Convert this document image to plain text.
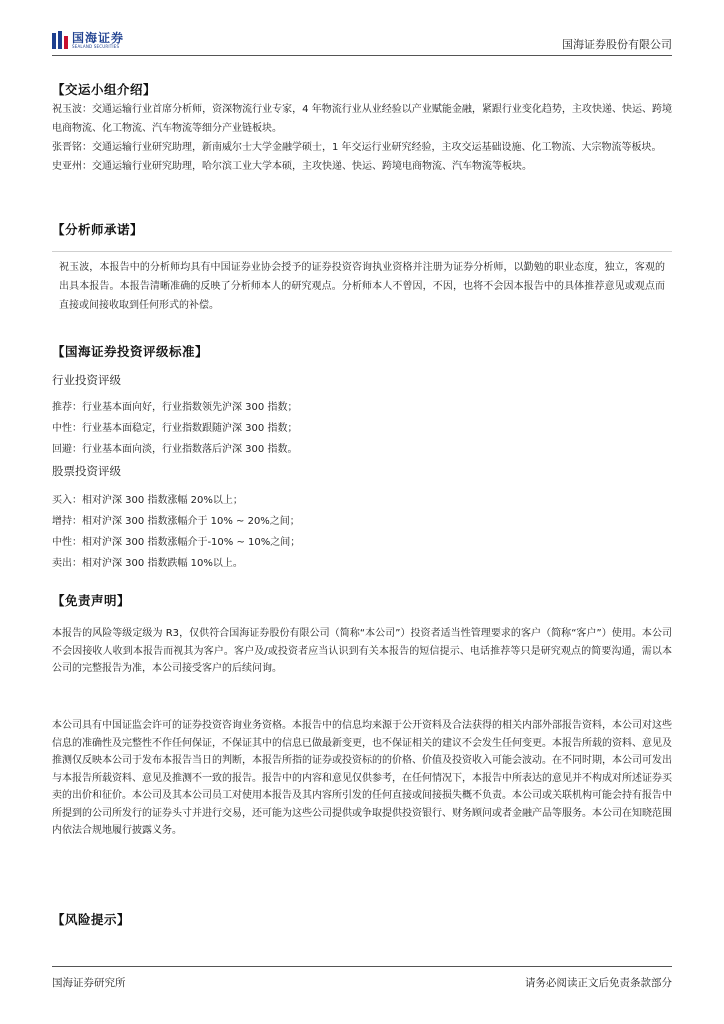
国海证券
SEALAND SECURITIES	国海证券股份有限公司
【交运小组介绍】

祝玉波：交通运输行业首席分析师，资深物流行业专家，4 年物流行业从业经验以产业赋能金融，紧跟行业变化趋势，主攻快递、快运、跨境电商物流、化工物流、汽车物流等细分产业链板块。

张晋铭：交通运输行业研究助理，新南威尔士大学金融学硕士，1 年交运行业研究经验，主攻交运基础设施、化工物流、大宗物流等板块。

史亚州：交通运输行业研究助理，哈尔滨工业大学本硕，主攻快递、快运、跨境电商物流、汽车物流等板块。

【分析师承诺】

祝玉波，本报告中的分析师均具有中国证券业协会授予的证券投资咨询执业资格并注册为证券分析师，以勤勉的职业态度，独立，客观的出具本报告。本报告清晰准确的反映了分析师本人的研究观点。分析师本人不曾因，不因，也将不会因本报告中的具体推荐意见或观点而直接或间接收取到任何形式的补偿。

【国海证券投资评级标准】
行业投资评级
推荐：行业基本面向好，行业指数领先沪深 300 指数；
中性：行业基本面稳定，行业指数跟随沪深 300 指数；
回避：行业基本面向淡，行业指数落后沪深 300 指数。
股票投资评级
买入：相对沪深 300 指数涨幅 20%以上；
增持：相对沪深 300 指数涨幅介于 10% ~ 20%之间；
中性：相对沪深 300 指数涨幅介于-10% ~ 10%之间；
卖出：相对沪深 300 指数跌幅 10%以上。
【免责声明】

本报告的风险等级定级为 R3，仅供符合国海证券股份有限公司（简称“本公司”）投资者适当性管理要求的客户（简称“客户”）使用。本公司不会因接收人收到本报告而视其为客户。客户及/或投资者应当认识到有关本报告的短信提示、电话推荐等只是研究观点的简要沟通，需以本公司的完整报告为准，本公司接受客户的后续问询。

本公司具有中国证监会许可的证券投资咨询业务资格。本报告中的信息均来源于公开资料及合法获得的相关内部外部报告资料，本公司对这些信息的准确性及完整性不作任何保证，不保证其中的信息已做最新变更，也不保证相关的建议不会发生任何变更。本报告所载的资料、意见及推测仅反映本公司于发布本报告当日的判断，本报告所指的证券或投资标的的价格、价值及投资收入可能会波动。在不同时期，本公司可发出与本报告所载资料、意见及推测不一致的报告。报告中的内容和意见仅供参考，在任何情况下，本报告中所表达的意见并不构成对所述证券买卖的出价和征价。本公司及其本公司员工对使用本报告及其内容所引发的任何直接或间接损失概不负责。本公司或关联机构可能会持有报告中所提到的公司所发行的证券头寸并进行交易，还可能为这些公司提供或争取提供投资银行、财务顾问或者金融产品等服务。本公司在知晓范围内依法合规地履行披露义务。

【风险提示】
国海证券研究所	请务必阅读正文后免责条款部分
